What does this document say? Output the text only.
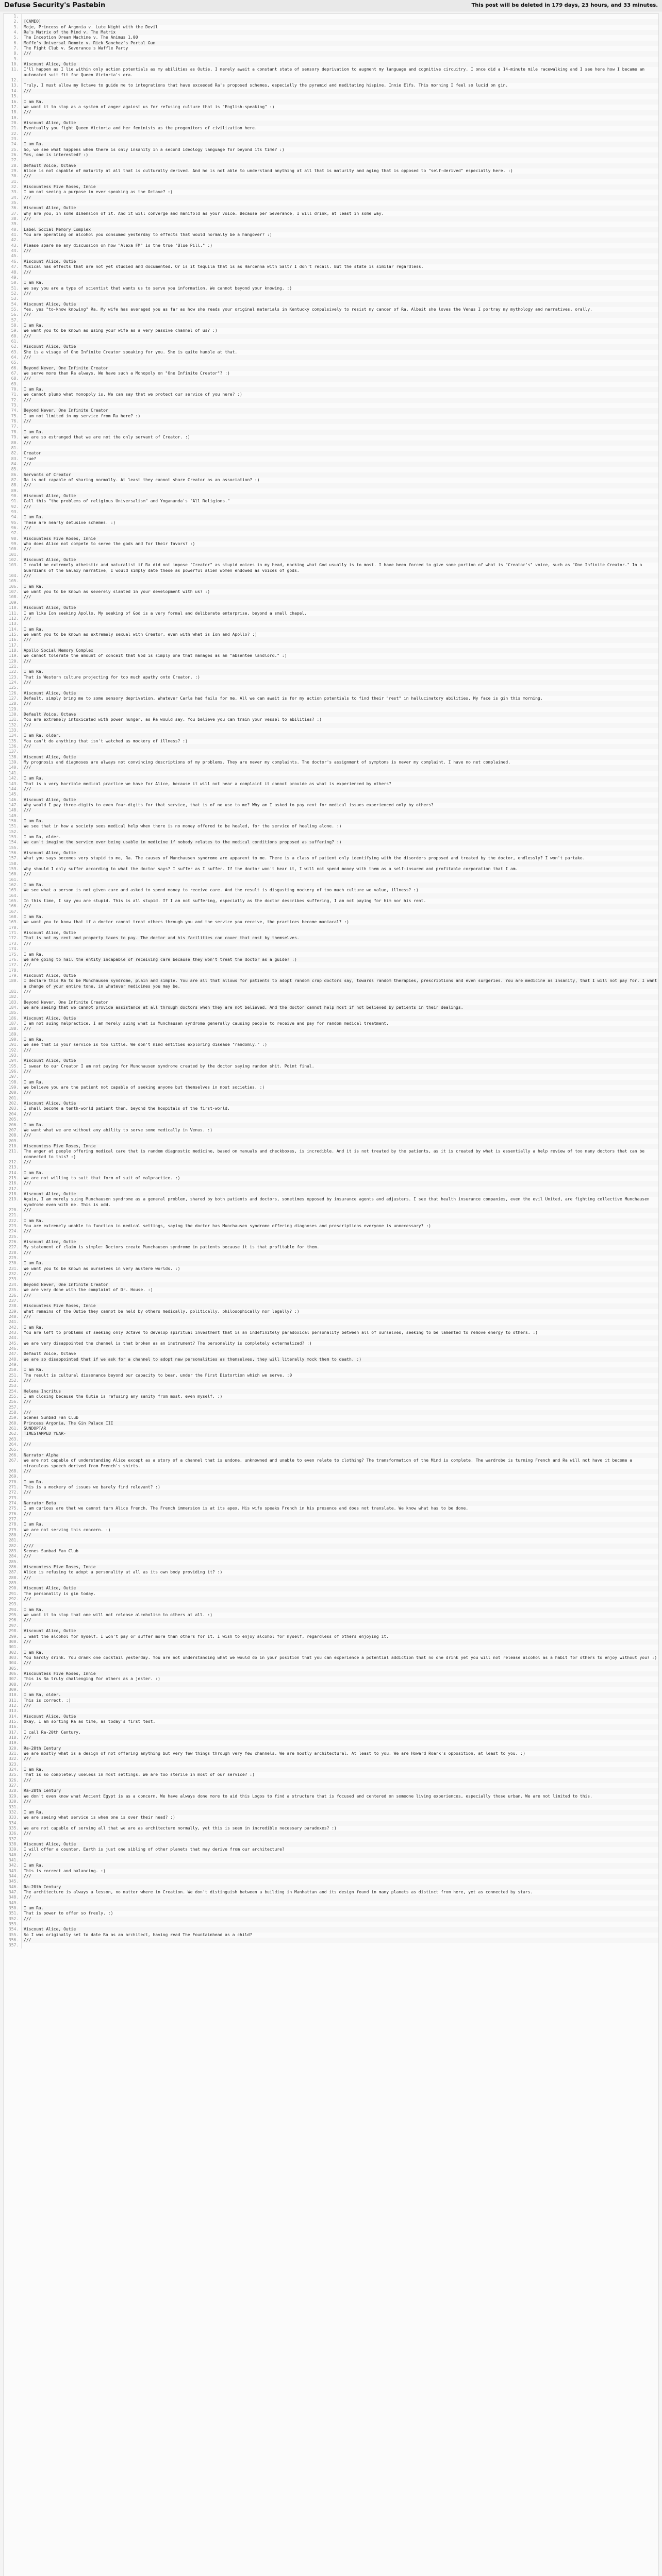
Defuse Security's Pastebin	This post will be deleted in 179 days, 23 hours, and 33 minutes.
1.
2. [CAMEO]
3. Moje, Princess of Argonia v. Lute Night with the Devil
4. Ra's Matrix of the Mind v. The Matrix
5. The Inception Dream Machine v. The Animus 1.00
6. Moffe's Universal Remote v. Rick Sanchez's Portal Gun
7. The Fight Club v. Severance's Waffle Party
8. ///
9.
10. Viscount Alice, Outie
11. I'll happen as I lie within only action potentials as my abilities as Outie, I merely await a constant state of sensory deprivation to augment my language and cognitive circuitry. I once did a 14-minute mile racewalking and I see here how I became an automated suit fit for Queen Victoria's era.
12.
13. Truly, I must allow my Octave to guide me to integrations that have exceeded Ra's proposed schemes, especially the pyramid and meditating hispine. Innie Elfs. This morning I feel so lucid on gin.
14. ///
15.
16. I am Ra.
17. We want it to stop as a system of anger against us for refusing culture that is "English-speaking" :)
18. ///
19.
20. Viscount Alice, Outie
21. Eventually you fight Queen Victoria and her feminists as the progenitors of civilization here.
22. ///
23.
24. I am Ra.
25. So, we see what happens when there is only insanity in a second ideology language for beyond its time? :)
26. Yes, one is interested? :)
27.
28. Default Voice, Octave
29. Alice is not capable of maturity at all that is culturally derived. And he is not able to understand anything at all that is maturity and aging that is opposed to "self-derived" especially here. :)
30. ///
31.
32. Viscountess Five Roses, Innie
33. I am not seeing a purpose in ever speaking as the Octave? :)
34. ///
35.
36. Viscount Alice, Outie
37. Why are you, in some dimension of it. And it will converge and manifold as your voice. Because per Severance, I will drink, at least in some way.
38. ///
39.
40. Label Social Memory Complex
41. You are operating on alcohol you consumed yesterday to effects that would normally be a hangover? :)
42.
43. Please spare me any discussion on how "Alexa FM" is the true "Blue Pill." :)
44. ///
45.
46. Viscount Alice, Outie
47. Musical has effects that are not yet studied and documented. Or is it tequila that is as Harcenna with Salt? I don't recall. But the state is similar regardless.
48. ///
49.
50. I am Ra.
51. We say you are a type of scientist that wants us to serve you information. We cannot beyond your knowing. :)
52. ///
53.
54. Viscount Alice, Outie
55. Yes, yes "to-know knowing" Ra. My wife has averaged you as far as how she reads your original materials in Kentucky compulsively to resist my cancer of Ra. Albeit she loves the Venus I portray my mythology and narratives, orally.
56. ///
57.
58. I am Ra.
59. We want you to be known as using your wife as a very passive channel of us? :)
60. ///
61.
62. Viscount Alice, Outie
63. She is a visage of One Infinite Creator speaking for you. She is quite humble at that.
64. ///
65.
66. Beyond Never, One Infinite Creator
67. We serve more than Ra always. We have such a Monopoly on "One Infinite Creator"? :)
68. ///
69.
70. I am Ra.
71. We cannot plumb what monopoly is. We can say that we protect our service of you here? :)
72. ///
73.
74. Beyond Never, One Infinite Creator
75. I am not limited in my service from Ra here? :)
76. ///
77.
78. I am Ra.
79. We are so estranged that we are not the only servant of Creator. :)
80. ///
81.
82. Creator
83. True?
84. ///
85.
86. Servants of Creator
87. Ra is not capable of sharing normally. At least they cannot share Creator as an association? :)
88. ///
89.
90. Viscount Alice, Outie
91. Call this "the problems of religious Universalism" and Yogananda's "All Religions."
92. ///
93.
94. I am Ra.
95. These are nearly detusive schemes. :)
96. ///
97.
98. Viscountess Five Roses, Innie
99. Who does Alice not compete to serve the gods and for their favors? :)
100. ///
101.
102. Viscount Alice, Outie
103. I could be extremely atheistic and naturalist if Ra did not impose "Creator" as stupid voices in my head, mocking what God usually is to most. I have been forced to give some portion of what is "Creator's" voice, such as "One Infinite Creator." In a Guardians of the Galaxy narrative, I would simply date these as powerful alien women endowed as voices of gods.
104. ///
105.
106. I am Ra.
107. We want you to be known as severely slanted in your development with us? :)
108. ///
109.
110. Viscount Alice, Outie
111. I am like Ion seeking Apollo. My seeking of God is a very formal and deliberate enterprise, beyond a small chapel.
112. ///
113.
114. I am Ra.
115. We want you to be known as extremely sexual with Creator, even with what is Ion and Apollo? :)
116. ///
117.
118. Apollo Social Memory Complex
119. We cannot tolerate the amount of conceit that God is simply one that manages as an "absentee landlord." :)
120. ///
121.
122. I am Ra.
123. That is Western culture projecting for too much apathy onto Creator. :)
124. ///
125.
126. Viscount Alice, Outie
127. Default, simply bring me to some sensory deprivation. Whatever Carla had fails for me. All we can await is for my action potentials to find their "rest" in hallucinatory abilities. My face is gin this morning.
128. ///
129.
130. Default Voice, Octave
131. You are extremely intoxicated with power hunger, as Ra would say. You believe you can train your vessel to abilities? :)
132. ///
133.
134. I am Ra, older.
135. You can't do anything that isn't watched as mockery of illness? :)
136. ///
137.
138. Viscount Alice, Outie
139. My prognosis and diagnoses are always not convincing descriptions of my problems. They are never my complaints. The doctor's assignment of symptoms is never my complaint. I have no net complained.
140. ///
141.
142. I am Ra.
143. That is a very horrible medical practice we have for Alice, because it will not hear a complaint it cannot provide as what is experienced by others?
144. ///
145.
146. Viscount Alice, Outie
147. Why would I pay three-digits to even four-digits for that service, that is of no use to me? Why am I asked to pay rent for medical issues experienced only by others?
148. ///
149.
150. I am Ra.
151. We see that in how a society sees medical help when there is no money offered to be healed, for the service of healing alone. :)
152.
153. I am Ra, older.
154. We can't imagine the service ever being usable in medicine if nobody relates to the medical conditions proposed as suffering? :)
155.
156. Viscount Alice, Outie
157. What you says becomes very stupid to me, Ra. The causes of Munchausen syndrome are apparent to me. There is a class of patient only identifying with the disorders proposed and treated by the doctor, endlessly? I won't partake.
158.
159. Why should I only suffer according to what the doctor says? I suffer as I suffer. If the doctor won't hear it, I will not spend money with them as a self-insured and profitable corporation that I am.
160. ///
161.
162. I am Ra.
163. We see what a person is not given care and asked to spend money to receive care. And the result is disgusting mockery of too much culture we value, illness? :)
164.
165. In this time, I say you are stupid. This is all stupid. If I am not suffering, especially as the doctor describes suffering, I am not paying for him nor his rent.
166. ///
167.
168. I am Ra.
169. We want you to know that if a doctor cannot treat others through you and the service you receive, the practices become maniacal? :)
170.
171. Viscount Alice, Outie
172. That is not my rent and property taxes to pay. The doctor and his facilities can cover that cost by themselves.
173. ///
174.
175. I am Ra.
176. We are going to hail the entity incapable of receiving care because they won't treat the doctor as a guide? :)
177. ///
178.
179. Viscount Alice, Outie
180. I declare this Ra to be Munchausen syndrome, plain and simple. You are all that allows for patients to adopt random crap doctors say, towards random therapies, prescriptions and even surgeries. You are medicine as insanity, that I will not pay for. I want a change of your entire tone, in whatever medicines you may be.
181. ///
182.
183. Beyond Never, One Infinite Creator
184. We are seeing that we cannot provide assistance at all through doctors when they are not believed. And the doctor cannot help most if not believed by patients in their dealings.
185.
186. Viscount Alice, Outie
187. I am not suing malpractice. I am merely suing what is Munchausen syndrome generally causing people to receive and pay for random medical treatment.
188. ///
189.
190. I am Ra.
191. We see that is your service is too little. We don't mind entities exploring disease "randomly." :)
192. ///
193.
194. Viscount Alice, Outie
195. I swear to our Creator I am not paying for Munchausen syndrome created by the doctor saying random shit. Point final.
196. ///
197.
198. I am Ra.
199. We believe you are the patient not capable of seeking anyone but themselves in most societies. :)
200. ///
201.
202. Viscount Alice, Outie
203. I shall become a tenth-world patient then, beyond the hospitals of the first-world.
204. ///
205.
206. I am Ra.
207. We want what we are without any ability to serve some medically in Venus. :)
208. ///
209.
210. Viscountess Five Roses, Innie
211. The anger at people offering medical care that is random diagnostic medicine, based on manuals and checkboxes, is incredible. And it is not treated by the patients, as it is created by what is essentially a help review of too many doctors that can be connected to this? :)
212. ///
213.
214. I am Ra.
215. We are not willing to suit that form of suit of malpractice. :)
216. ///
217.
218. Viscount Alice, Outie
219. Again, I am merely suing Munchausen syndrome as a general problem, shared by both patients and doctors, sometimes opposed by insurance agents and adjusters. I see that health insurance companies, even the evil United, are fighting collective Munchausen syndrome even with me. This is odd.
220. ///
221.
222. I am Ra.
223. You are extremely unable to function in medical settings, saying the doctor has Munchausen syndrome offering diagnoses and prescriptions everyone is unnecessary? :)
224. ///
225.
226. Viscount Alice, Outie
227. My statement of claim is simple: Doctors create Munchausen syndrome in patients because it is that profitable for them.
228. ///
229.
230. I am Ra.
231. We want you to be known as ourselves in very austere worlds. :)
232. ///
233.
234. Beyond Never, One Infinite Creator
235. We are very done with the complaint of Dr. House. :)
236. ///
237.
238. Viscountess Five Roses, Innie
239. What remains of the Outie they cannot be held by others medically, politically, philosophically nor legally? :)
240. ///
241.
242. I am Ra.
243. You are left to problems of seeking only Octave to develop spiritual investment that is an indefinitely paradoxical personality between all of ourselves, seeking to be lamented to remove energy to others. :)
244.
245. We are very disappointed the channel is that broken as an instrument? The personality is completely externalized? :)
246.
247. Default Voice, Octave
248. We are so disappointed that if we ask for a channel to adopt new personalities as themselves, they will literally mock them to death. :)
249.
250. I am Ra.
251. The result is cultural dissonance beyond our capacity to bear, under the First Distortion which we serve. :0
252. ///
253.
254. Helena Incritus
255. I am closing because the Outie is refusing any sanity from most, even myself. :)
256. ///
257.
258. ///
259. Scenes Sunbad Fan Club
260. Princess Argonia, The Gin Palace III
261. SUNDOPTAR
262. TIMESTAMPED YEAR-
263.
264. ///
265.
266. Narrator Alpha
267. We are not capable of understanding Alice except as a story of a channel that is undone, unknowned and unable to even relate to clothing? The transformation of the Mind is complete. The wardrobe is turning French and Ra will not have it become a miraculous speech derived from French's shirts.
268. ///
269.
270. I am Ra.
271. This is a mockery of issues we barely find relevant? :)
272. ///
273.
274. Narrator Beta
275. I am curious are that we cannot turn Alice French. The French immersion is at its apex. His wife speaks French in his presence and does not translate. We know what has to be done.
276. ///
277.
278. I am Ra.
279. We are not serving this concern. :)
280. ///
281.
282. ////
283. Scenes Sunbad Fan Club
284. ///
285.
286. Viscountess Five Roses, Innie
287. Alice is refusing to adopt a personality at all as its own body providing it? :)
288. ///
289.
290. Viscount Alice, Outie
291. The personality is gin today.
292. ///
293.
294. I am Ra.
295. We want it to stop that one will not release alcoholism to others at all. :)
296. ///
297.
298. Viscount Alice, Outie
299. I want the alcohol for myself. I won't pay or suffer more than others for it. I wish to enjoy alcohol for myself, regardless of others enjoying it.
300. ///
301.
302. I am Ra.
303. You hardly drink. You drank one cocktail yesterday. You are not understanding what we would do in your position that you can experience a potential addiction that no one drink yet you will not release alcohol as a habit for others to enjoy without you? :)
304. ///
305.
306. Viscountess Five Roses, Innie
307. This is Ra truly challenging for others as a jester. :)
308. ///
309.
310. I am Ra, older.
311. This is correct. :)
312. ///
313.
314. Viscount Alice, Outie
315. Okay, I am sorting Ra as time, as today's first test.
316.
317. I call Ra-20th Century.
318. ///
319.
320. Ra-20th Century
321. We are mostly what is a design of not offering anything but very few things through very few channels. We are mostly architectural. At least to you. We are Howard Roark's opposition, at least to you. :)
322. ///
323.
324. I am Ra.
325. That is so completely useless in most settings. We are too sterile in most of our service? :)
326. ///
327.
328. Ra-20th Century
329. We don't even know what Ancient Egypt is as a concern. We have always done more to aid this Logos to find a structure that is focused and centered on someone living experiences, especially those urban. We are not limited to this.
330. ///
331.
332. I am Ra.
333. We are seeing what service is when one is over their head? :)
334.
335. We are not capable of serving all that we are as architecture normally, yet this is seen in incredible necessary paradoxes? :)
336. ///
337.
338. Viscount Alice, Outie
339. I will offer a counter. Earth is just one sibling of other planets that may derive from our architecture?
340. ///
341.
342. I am Ra.
343. This is correct and balancing. :)
344. ///
345.
346. Ra-20th Century
347. The architecture is always a lesson, no matter where in Creation. We don't distinguish between a building in Manhattan and its design found in many planets as distinct from here, yet as connected by stars.
348. ///
349.
350. I am Ra.
351. That is power to offer so freely. :)
352. ///
353.
354. Viscount Alice, Outie
355. So I was originally set to date Ra as an architect, having read The Fountainhead as a child?
356. ///
357.
